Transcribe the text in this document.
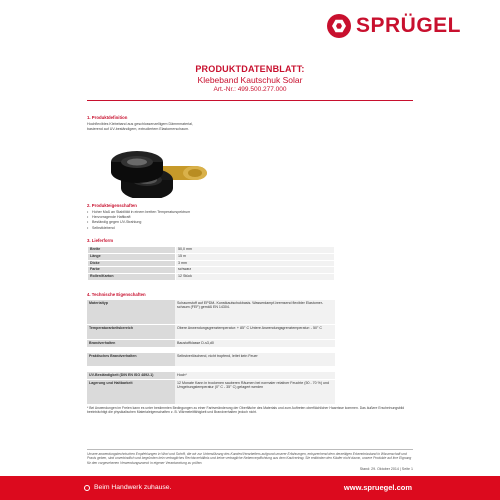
SPRÜGEL
PRODUKTDATENBLATT:
Klebeband Kautschuk Solar
Art.-Nr.: 499.500.277.000
1. Produktdefinition
Hochflexibles Klebeband aus geschlossenzelligem Dämmmaterial,
basierend auf UV-beständigem, extrudiertem Elastomerschaum.
2. Produkteigenschaften
• Hoher Maß an Stabilität in einem breiten Temperaturspektrum
• Hervorragende Haftkraft
• Beständig gegen UV-Strahlung
• Selbstklebend
3. Lieferform
Breite	50,0 mm
Länge	15 m
Dicke	3 mm
Farbe	schwarz
Rollen/Karton	12 Stück
4. Technische Eigenschaften
Materialtyp	Schaumstoff auf EPDM- Kunstkautschukbasis. Wasserdampf-bremsend flexibler Elastomer-schaum (FEF) gemäß EN 14304.
Temperaturarbeitsbereich	Obere Anwendungsgrenztemperatur: + 85° C Untere Anwendungsgrenztemperatur: - 50° C
Brandverhalten	Baustoffklasse D-s3,d0
Praktisches Brandverhalten	Selbstverlöschend, nicht tropfend, leitet kein Feuer
UV-Beständigkeit (DIN EN ISO 4892-1)	Hoch*
Lagerung und Haltbarkeit	12 Monate Kann in trockenen sauberen Räumen bei normaler relativer Feuchte (50 - 70 %) und Umgebungstemperatur (0° C - 35° C) gelagert werden
* Bei Anwendungen im Freien kann es unter bestimmten Bedingungen zu einer Farbveränderung der Oberfläche des Materials und zum Auftreten oberflächlicher Haarrisse kommen. Das äußere Erscheinungsbild beeinträchtigt die physikalischen Materialeigenschaften z. B. Wärmeleitfähigkeit und Brandverhalten jedoch nicht.
Unsere anwendungstechnischen Empfehlungen in Wort und Schrift, die wir zur Unterstützung des Kunden/Verarbeiters aufgrund unserer Erfahrungen, entsprechend dem derzeitigen Erkenntnisstand in Wissenschaft und Praxis geben, sind unverbindlich und begründen kein vertragliches Rechtsverhältnis und keine vertragliche Nebenverpflichtung aus dem Kaufvertrag. Sie entbinden den Käufer nicht davon, unsere Produkte auf ihre Eignung für den vorgesehenen Verwendungszweck in eigener Verantwortung zu prüfen.
Stand: 29. Oktober 2014 | Seite 1
Beim Handwerk zuhause.	www.spruegel.com
